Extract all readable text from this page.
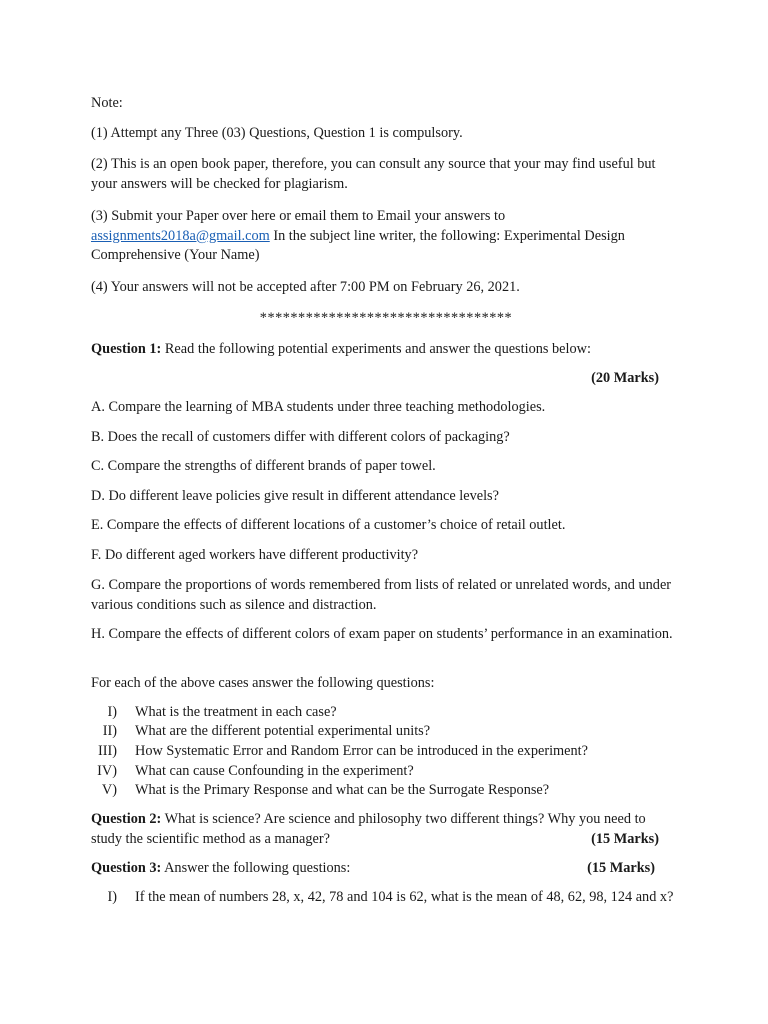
Note:

(1) Attempt any Three (03) Questions, Question 1 is compulsory.

(2) This is an open book paper, therefore, you can consult any source that your may find useful but your answers will be checked for plagiarism.

(3) Submit your Paper over here or email them to Email your answers to assignments2018a@gmail.com In the subject line writer, the following: Experimental Design Comprehensive (Your Name)

(4) Your answers will not be accepted after 7:00 PM on February 26, 2021.

*********************************

Question 1: Read the following potential experiments and answer the questions below:

(20 Marks)

A. Compare the learning of MBA students under three teaching methodologies.

B. Does the recall of customers differ with different colors of packaging?

C. Compare the strengths of different brands of paper towel.

D. Do different leave policies give result in different attendance levels?

E. Compare the effects of different locations of a customer’s choice of retail outlet.

F. Do different aged workers have different productivity?

G. Compare the proportions of words remembered from lists of related or unrelated words, and under various conditions such as silence and distraction.

H. Compare the effects of different colors of exam paper on students’ performance in an examination.

For each of the above cases answer the following questions:

I) What is the treatment in each case?
II) What are the different potential experimental units?
III) How Systematic Error and Random Error can be introduced in the experiment?
IV) What can cause Confounding in the experiment?
V) What is the Primary Response and what can be the Surrogate Response?
Question 2: What is science? Are science and philosophy two different things? Why you need to
study the scientific method as a manager?	(15 Marks)
Question 3: Answer the following questions:	(15 Marks)
I) If the mean of numbers 28, x, 42, 78 and 104 is 62, what is the mean of 48, 62, 98, 124 and x?
